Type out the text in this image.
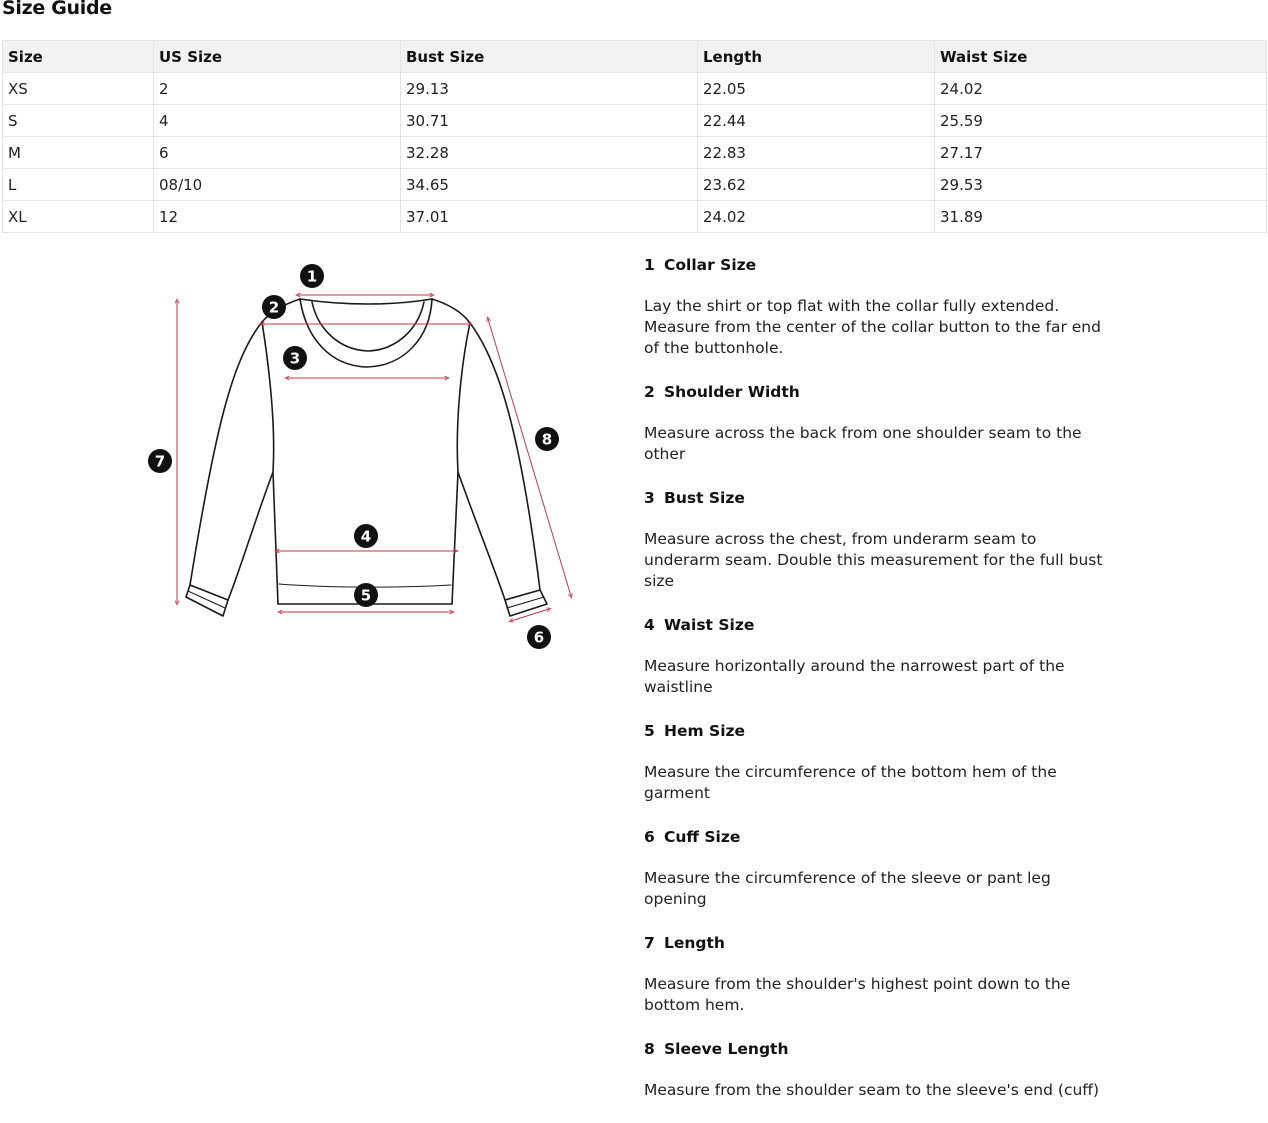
Size Guide
Size	US Size	Bust Size	Length	Waist Size
XS	2	29.13	22.05	24.02
S	4	30.71	22.44	25.59
M	6	32.28	22.83	27.17
L	08/10	34.65	23.62	29.53
XL	12	37.01	24.02	31.89
1
2
3
4
5
6
7
8

1 Collar Size

Lay the shirt or top flat with the collar fully extended. Measure from the center of the collar button to the far end of the buttonhole.

2 Shoulder Width

Measure across the back from one shoulder seam to the other

3 Bust Size

Measure across the chest, from underarm seam to underarm seam. Double this measurement for the full bust size

4 Waist Size

Measure horizontally around the narrowest part of the waistline

5 Hem Size

Measure the circumference of the bottom hem of the garment

6 Cuff Size

Measure the circumference of the sleeve or pant leg opening

7 Length

Measure from the shoulder's highest point down to the bottom hem.

8 Sleeve Length

Measure from the shoulder seam to the sleeve's end (cuff)
